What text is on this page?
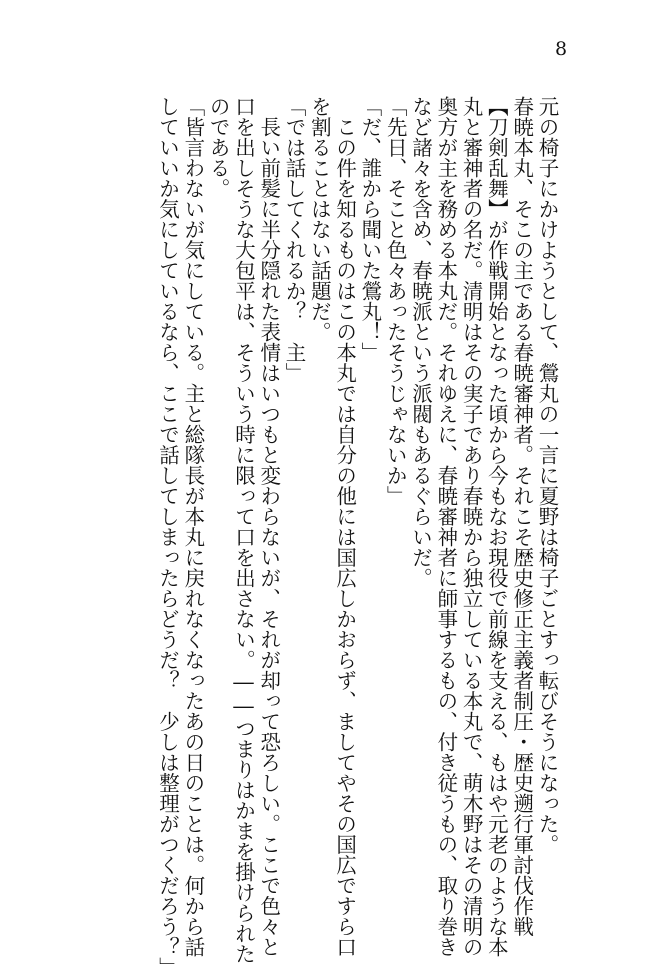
8
元の椅子にかけようとして、鶯丸の一言に夏野は椅子ごとすっ転びそうになった。
春暁本丸、そこの主である春暁審神者。それこそ歴史修正主義者制圧・歴史遡行軍討伐作戦
【刀剣乱舞】が作戦開始となった頃から今もなお現役で前線を支える、もはや元老のような本
丸と審神者の名だ。清明はその実子であり春暁から独立している本丸で、萌木野はその清明の
奥方が主を務める本丸だ。それゆえに、春暁審神者に師事するもの、付き従うもの、取り巻き
など諸々を含め、春暁派という派閥もあるぐらいだ。
「先日、そこと色々あったそうじゃないか」
「だ、誰から聞いた鶯丸！」
　この件を知るものはこの本丸では自分の他には国広しかおらず、ましてやその国広ですら口
を割ることはない話題だ。
「では話してくれるか？　主」
　長い前髪に半分隠れた表情はいつもと変わらないが、それが却って恐ろしい。ここで色々と
口を出しそうな大包平は、そういう時に限って口を出さない。――つまりはかまを掛けられた
のである。
「皆言わないが気にしている。主と総隊長が本丸に戻れなくなったあの日のことは。何から話
していいか気にしているなら、ここで話してしまったらどうだ？　少しは整理がつくだろう？」
